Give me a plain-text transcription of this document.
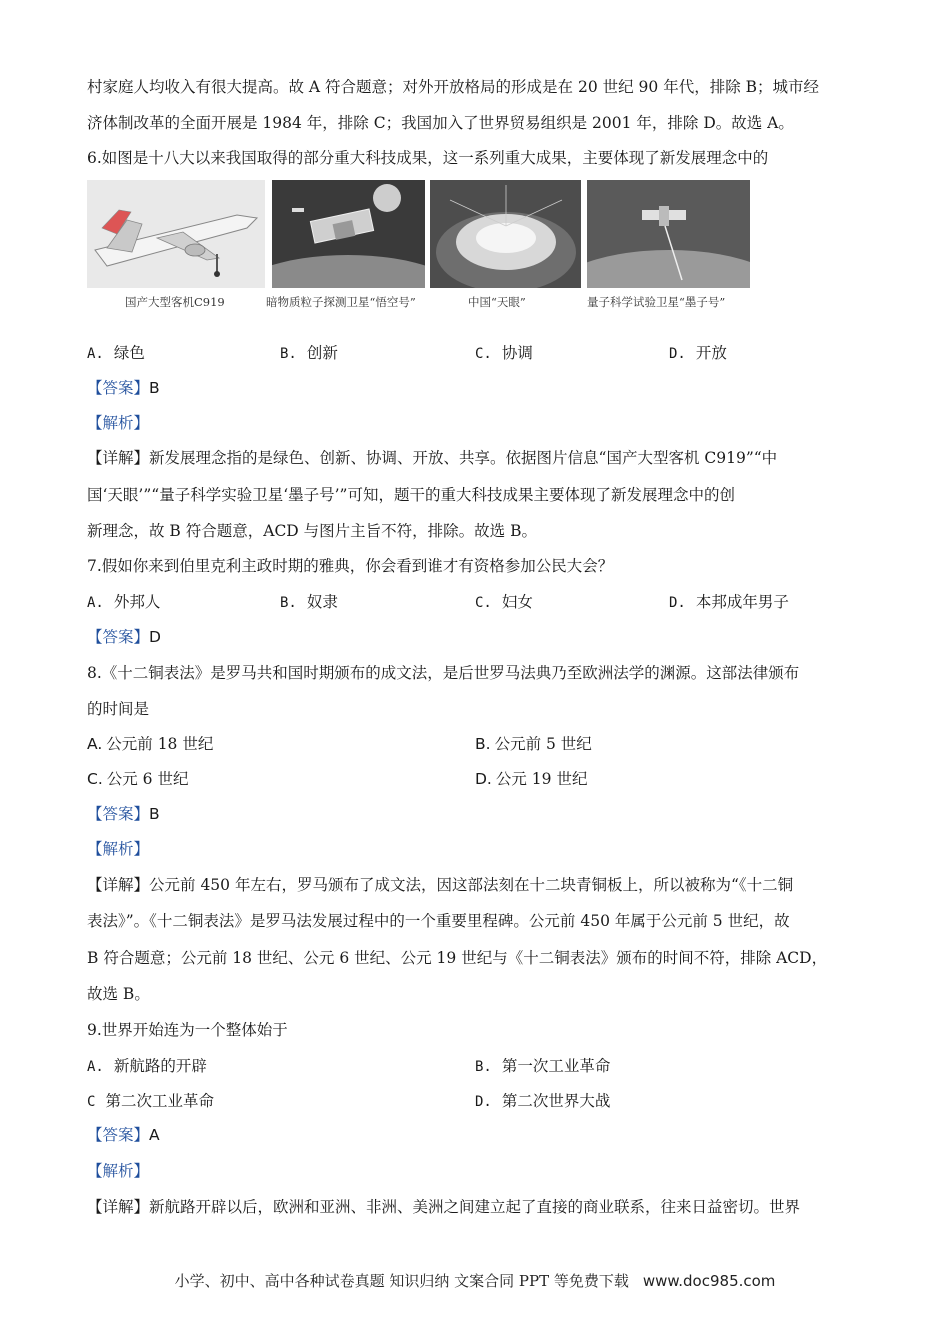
村家庭人均收入有很大提高。故 A 符合题意；对外开放格局的形成是在 20 世纪 90 年代，排除 B；城市经
济体制改革的全面开展是 1984 年，排除 C；我国加入了世界贸易组织是 2001 年，排除 D。故选 A。
6.如图是十八大以来我国取得的部分重大科技成果，这一系列重大成果，主要体现了新发展理念中的
国产大型客机C919	暗物质粒子探测卫星“悟空号”	中国“天眼”	量子科学试验卫星“墨子号”
A. 绿色	B. 创新	C. 协调	D. 开放
【答案】B
【解析】
【详解】新发展理念指的是绿色、创新、协调、开放、共享。依据图片信息“国产大型客机 C919”“中
国‘天眼’”“量子科学实验卫星‘墨子号’”可知，题干的重大科技成果主要体现了新发展理念中的创
新理念，故 B 符合题意，ACD 与图片主旨不符，排除。故选 B。
7.假如你来到伯里克利主政时期的雅典，你会看到谁才有资格参加公民大会？
A. 外邦人	B. 奴隶	C. 妇女	D. 本邦成年男子
【答案】D
8.《十二铜表法》是罗马共和国时期颁布的成文法，是后世罗马法典乃至欧洲法学的渊源。这部法律颁布
的时间是
A. 公元前 18 世纪	B. 公元前 5 世纪
C. 公元 6 世纪	D. 公元 19 世纪
【答案】B
【解析】
【详解】公元前 450 年左右，罗马颁布了成文法，因这部法刻在十二块青铜板上，所以被称为“《十二铜
表法》”。《十二铜表法》是罗马法发展过程中的一个重要里程碑。公元前 450 年属于公元前 5 世纪，故
B 符合题意；公元前 18 世纪、公元 6 世纪、公元 19 世纪与《十二铜表法》颁布的时间不符，排除 ACD，
故选 B。
9.世界开始连为一个整体始于
A. 新航路的开辟	B. 第一次工业革命
C 第二次工业革命	D. 第二次世界大战
【答案】A
【解析】
【详解】新航路开辟以后，欧洲和亚洲、非洲、美洲之间建立起了直接的商业联系，往来日益密切。世界
小学、初中、高中各种试卷真题 知识归纳 文案合同 PPT 等免费下载 www.doc985.com
